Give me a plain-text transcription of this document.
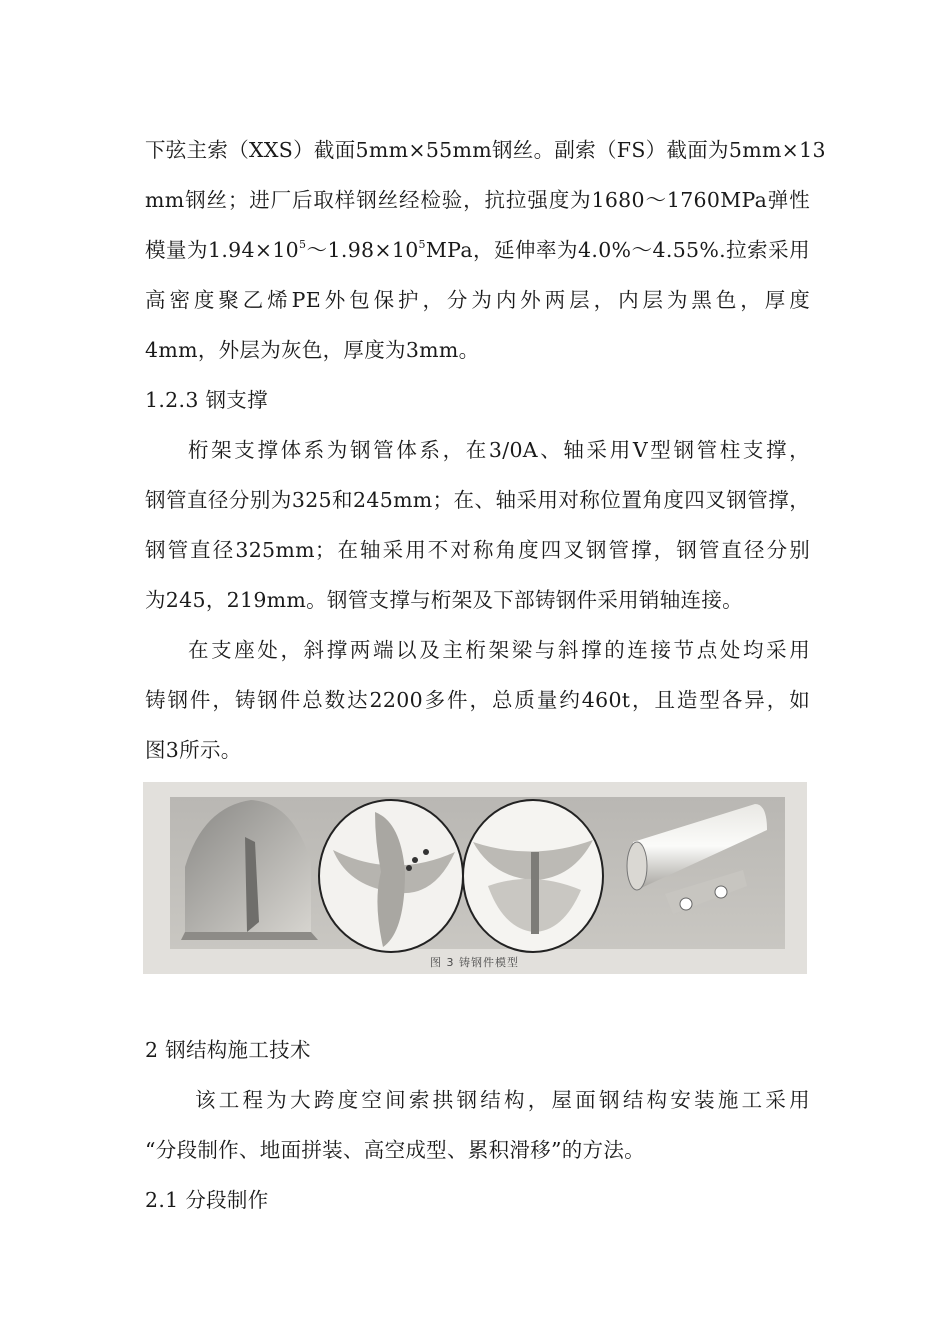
下弦主索（XXS）截面5mm×55mm钢丝。副索（FS）截面为5mm×13
mm钢丝；进厂后取样钢丝经检验，抗拉强度为1680～1760MPa弹性
模量为$1.94\times 10^5\sim 1.98\times 10^5MPa$，延伸率为4.0%～4.55%.拉索采用
高密度聚乙烯PE外包保护，分为内外两层，内层为黑色，厚度
4mm，外层为灰色，厚度为3mm。
1.2.3 钢支撑
桁架支撑体系为钢管体系，在3/0A、轴采用V型钢管柱支撑，
钢管直径分别为325和245mm；在、轴采用对称位置角度四叉钢管撑，
钢管直径325mm；在轴采用不对称角度四叉钢管撑，钢管直径分别
为245，219mm。钢管支撑与桁架及下部铸钢件采用销轴连接。
在支座处，斜撑两端以及主桁架梁与斜撑的连接节点处均采用
铸钢件，铸钢件总数达2200多件，总质量约460t，且造型各异，如
图3所示。
图 3 铸钢件模型
2 钢结构施工技术
该工程为大跨度空间索拱钢结构，屋面钢结构安装施工采用
“分段制作、地面拼装、高空成型、累积滑移”的方法。
2.1 分段制作
